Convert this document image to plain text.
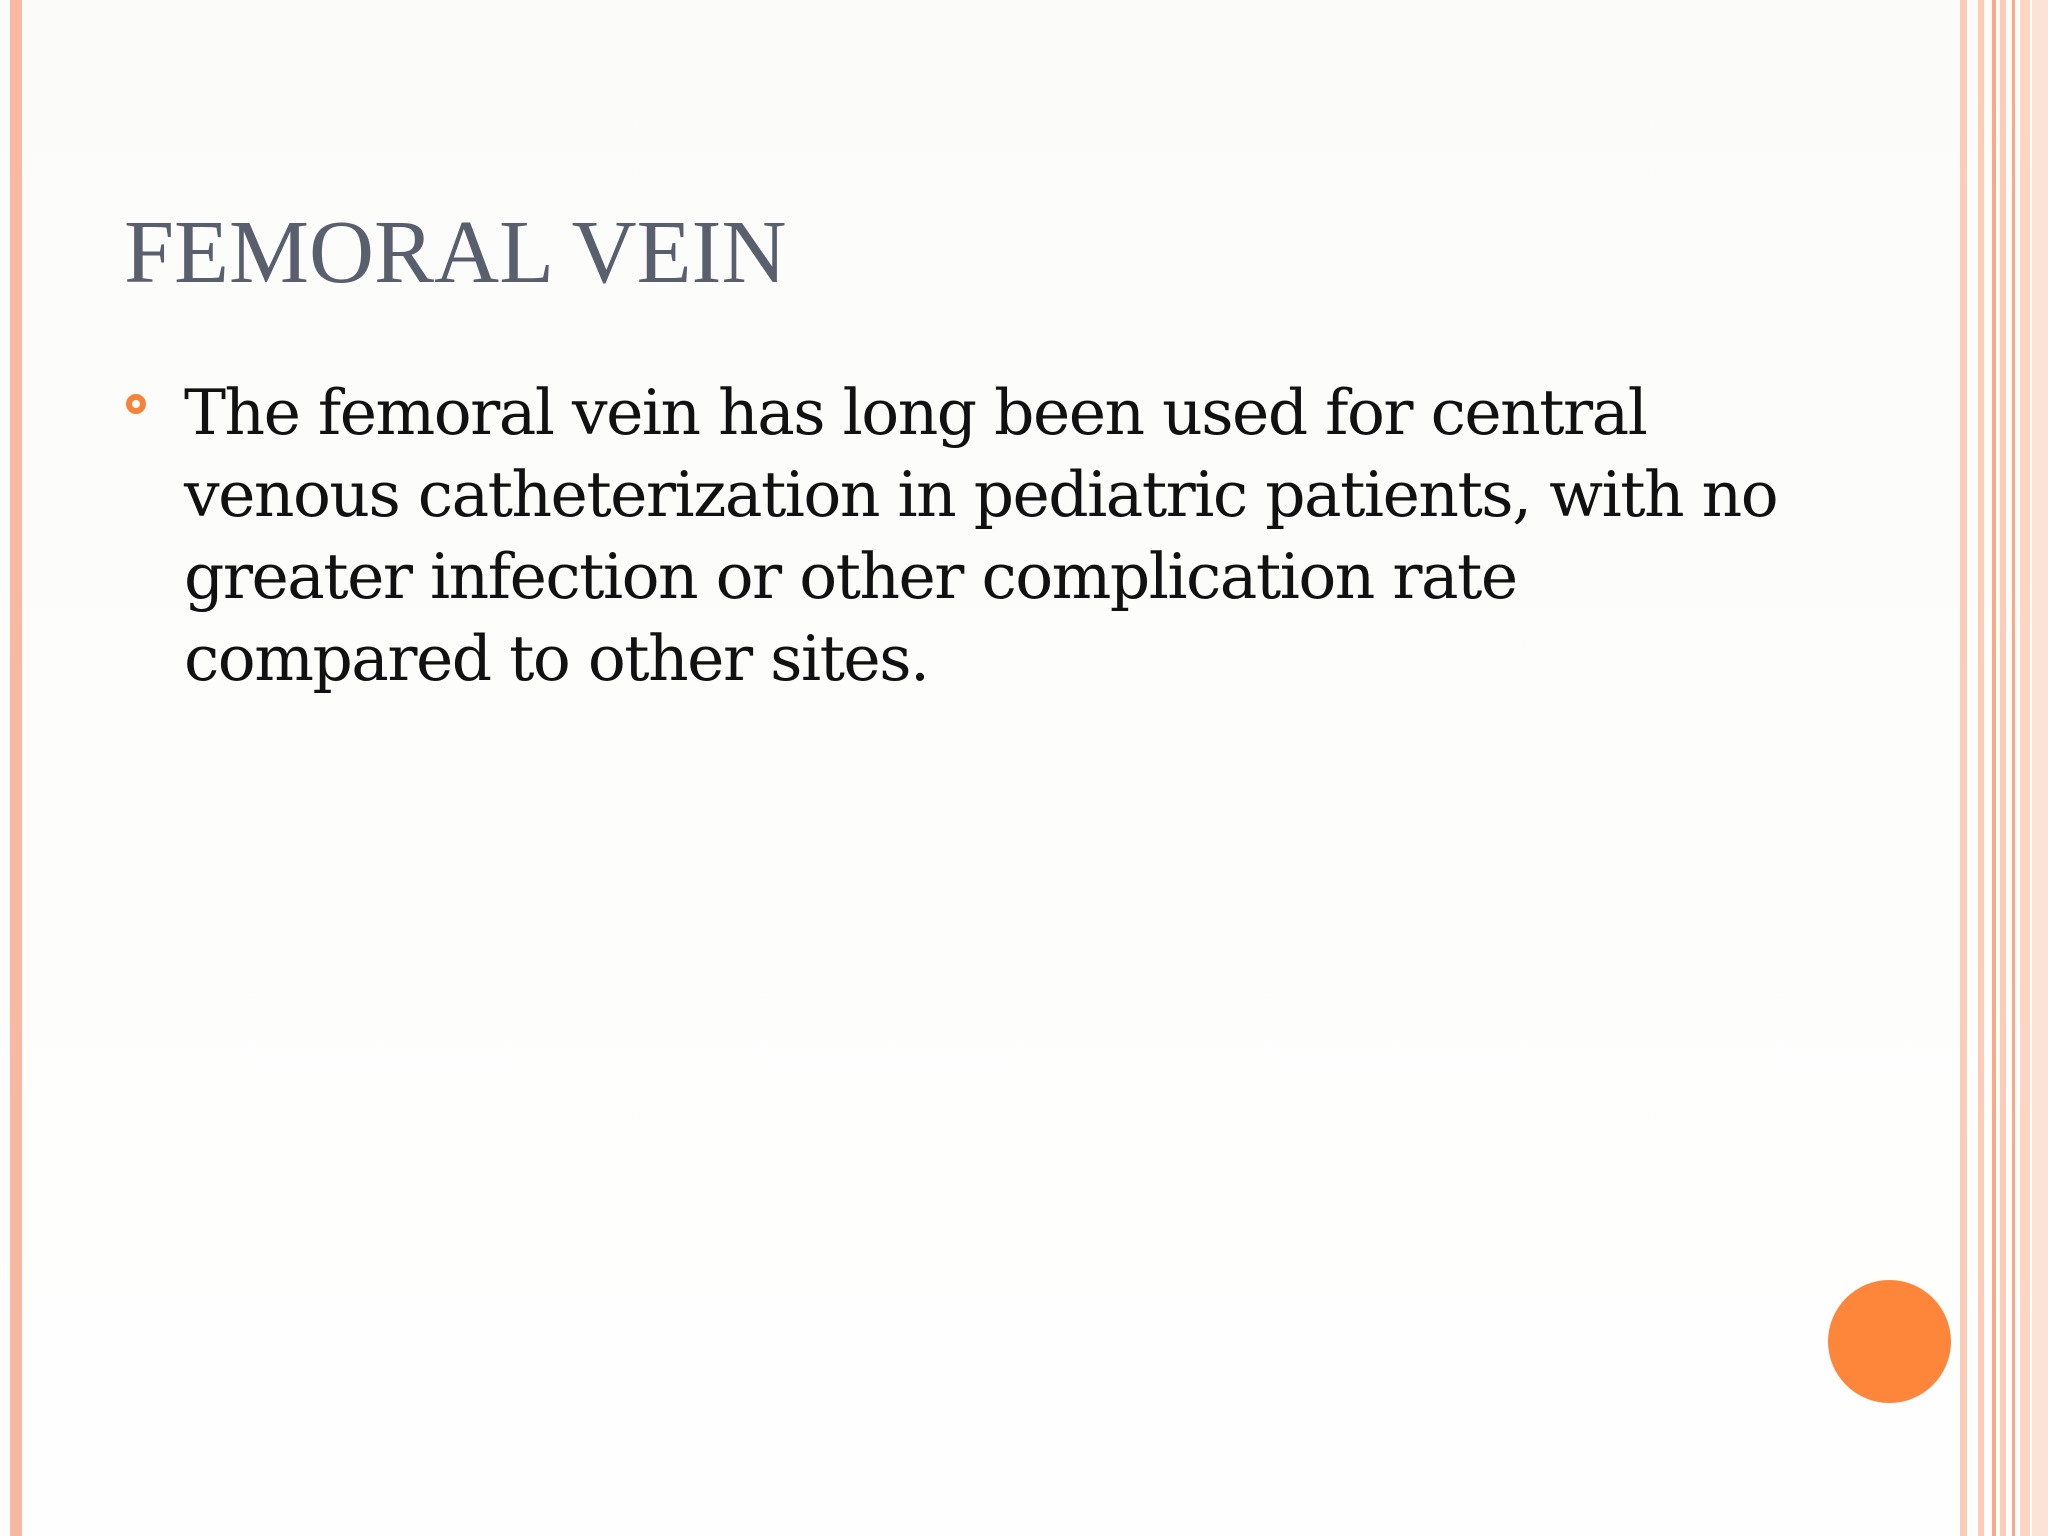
FEMORAL VEIN
The femoral vein has long been used for central venous catheterization in pediatric patients, with no greater infection or other complication rate compared to other sites.
